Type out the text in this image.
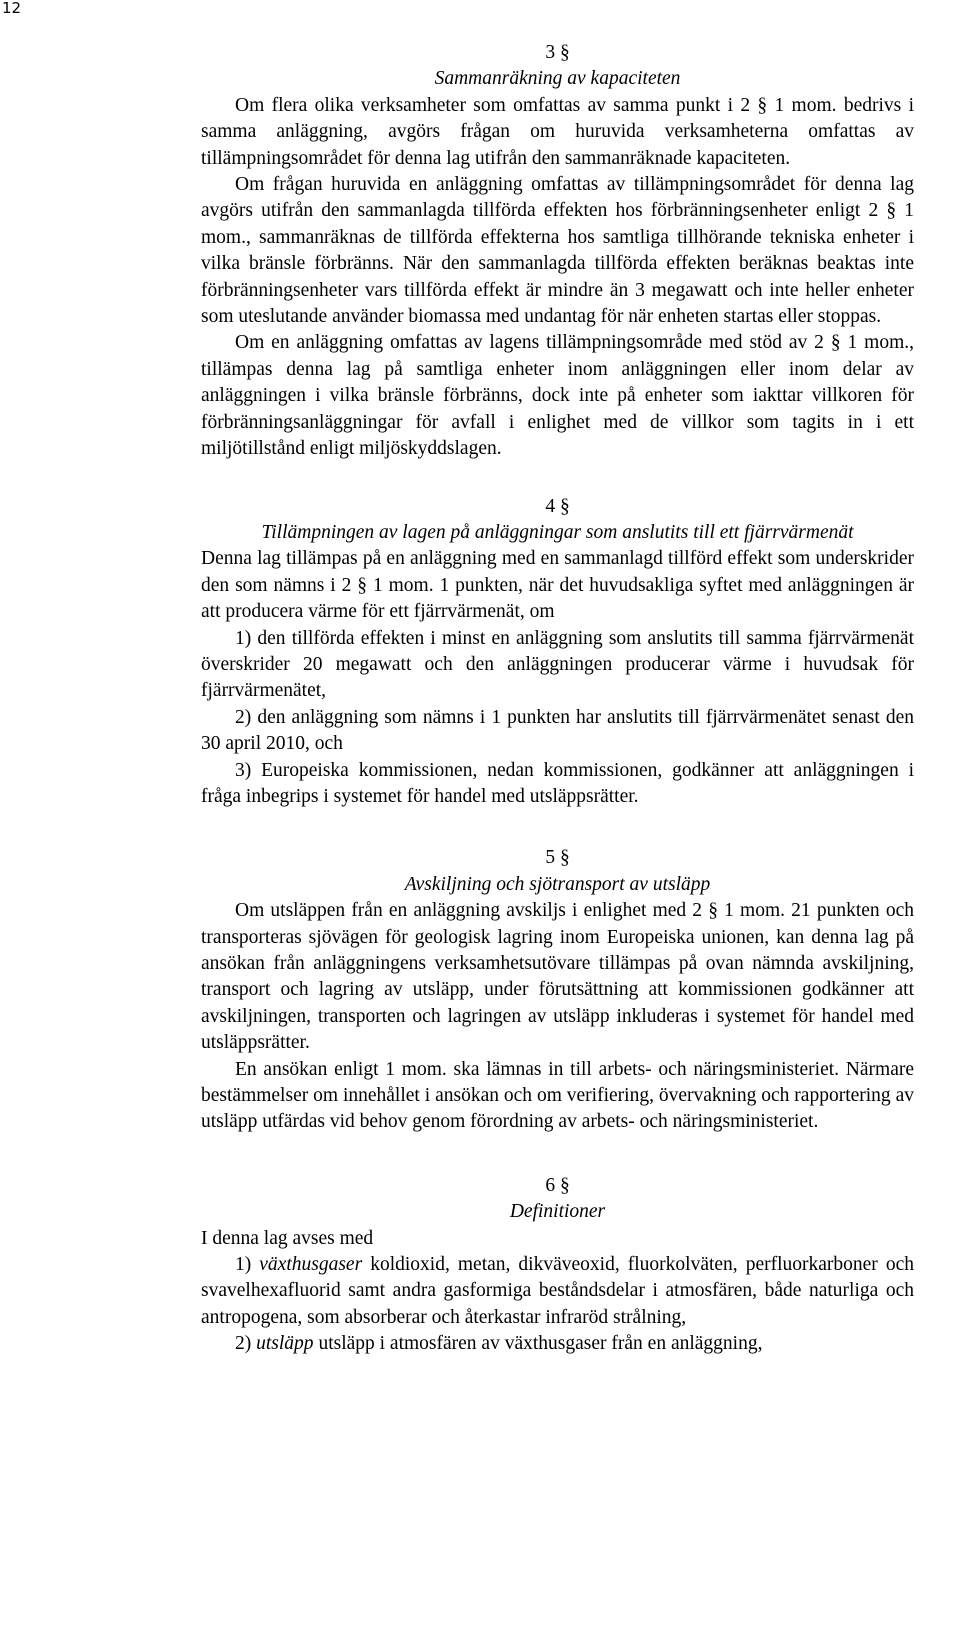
12
3 §
Sammanräkning av kapaciteten

Om flera olika verksamheter som omfattas av samma punkt i 2 § 1 mom. bedrivs i samma anläggning, avgörs frågan om huruvida verksamheterna omfattas av tillämpningsområdet för denna lag utifrån den sammanräknade kapaciteten.

Om frågan huruvida en anläggning omfattas av tillämpningsområdet för denna lag avgörs utifrån den sammanlagda tillförda effekten hos förbränningsenheter enligt 2 § 1 mom., sammanräknas de tillförda effekterna hos samtliga tillhörande tekniska enheter i vilka bränsle förbränns. När den sammanlagda tillförda effekten beräknas beaktas inte förbränningsenheter vars tillförda effekt är mindre än 3 megawatt och inte heller enheter som uteslutande använder biomassa med undantag för när enheten startas eller stoppas.

Om en anläggning omfattas av lagens tillämpningsområde med stöd av 2 § 1 mom., tillämpas denna lag på samtliga enheter inom anläggningen eller inom delar av anläggningen i vilka bränsle förbränns, dock inte på enheter som iakttar villkoren för förbränningsanläggningar för avfall i enlighet med de villkor som tagits in i ett miljötillstånd enligt miljöskyddslagen.

4 §
Tillämpningen av lagen på anläggningar som anslutits till ett fjärrvärmenät

Denna lag tillämpas på en anläggning med en sammanlagd tillförd effekt som underskrider den som nämns i 2 § 1 mom. 1 punkten, när det huvudsakliga syftet med anläggningen är att producera värme för ett fjärrvärmenät, om

1) den tillförda effekten i minst en anläggning som anslutits till samma fjärrvärmenät överskrider 20 megawatt och den anläggningen producerar värme i huvudsak för fjärrvärmenätet,

2) den anläggning som nämns i 1 punkten har anslutits till fjärrvärmenätet senast den 30 april 2010, och

3) Europeiska kommissionen, nedan kommissionen, godkänner att anläggningen i fråga inbegrips i systemet för handel med utsläppsrätter.

5 §
Avskiljning och sjötransport av utsläpp

Om utsläppen från en anläggning avskiljs i enlighet med 2 § 1 mom. 21 punkten och transporteras sjövägen för geologisk lagring inom Europeiska unionen, kan denna lag på ansökan från anläggningens verksamhetsutövare tillämpas på ovan nämnda avskiljning, transport och lagring av utsläpp, under förutsättning att kommissionen godkänner att avskiljningen, transporten och lagringen av utsläpp inkluderas i systemet för handel med utsläppsrätter.

En ansökan enligt 1 mom. ska lämnas in till arbets- och näringsministeriet. Närmare bestämmelser om innehållet i ansökan och om verifiering, övervakning och rapportering av utsläpp utfärdas vid behov genom förordning av arbets- och näringsministeriet.

6 §
Definitioner

I denna lag avses med

1) växthusgaser koldioxid, metan, dikväveoxid, fluorkolväten, perfluorkarboner och svavelhexafluorid samt andra gasformiga beståndsdelar i atmosfären, både naturliga och antropogena, som absorberar och återkastar infraröd strålning,

2) utsläpp utsläpp i atmosfären av växthusgaser från en anläggning,
